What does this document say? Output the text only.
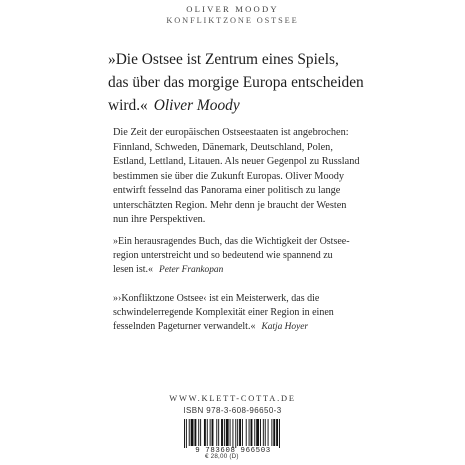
OLIVER MOODY
KONFLIKTZONE OSTSEE
»Die Ostsee ist Zentrum eines Spiels,
das über das morgige Europa entscheiden
wird.« Oliver Moody
Die Zeit der europäischen Ostseestaaten ist angebrochen:
Finnland, Schweden, Dänemark, Deutschland, Polen,
Estland, Lettland, Litauen. Als neuer Gegenpol zu Russland
bestimmen sie über die Zukunft Europas. Oliver Moody
entwirft fesselnd das Panorama einer politisch zu lange
unterschätzten Region. Mehr denn je braucht der Westen
nun ihre Perspektiven.
»Ein herausragendes Buch, das die Wichtigkeit der Ostsee-
region unterstreicht und so bedeutend wie spannend zu
lesen ist.« Peter Frankopan
»›Konfliktzone Ostsee‹ ist ein Meisterwerk, das die
schwindelerregende Komplexität einer Region in einen
fesselnden Pageturner verwandelt.« Katja Hoyer
WWW.KLETT-COTTA.DE
ISBN 978-3-608-96650-3
9 783608 966503
€ 28,00 (D)
